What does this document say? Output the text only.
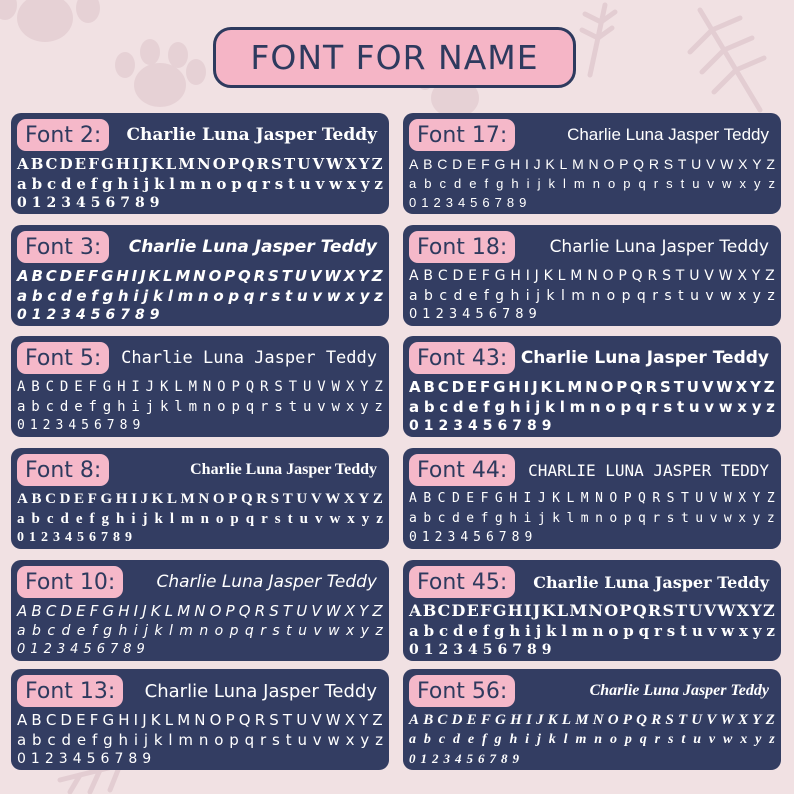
FONT FOR NAME
Font 2:	Charlie Luna Jasper Teddy
A B C D E F G H I J K L M N O P Q R S T U V W X Y Z
a b c d e f g h i j k l m n o p q r s t u v w x y z
0 1 2 3 4 5 6 7 8 9
Font 17:	Charlie Luna Jasper Teddy
A B C D E F G H I J K L M N O P Q R S T U V W X Y Z
a b c d e f g h i j k l m n o p q r s t u v w x y z
0 1 2 3 4 5 6 7 8 9
Font 3:	Charlie Luna Jasper Teddy
A B C D E F G H I J K L M N O P Q R S T U V W X Y Z
a b c d e f g h i j k l m n o p q r s t u v w x y z
0 1 2 3 4 5 6 7 8 9
Font 18:	Charlie Luna Jasper Teddy
A B C D E F G H I J K L M N O P Q R S T U V W X Y Z
a b c d e f g h i j k l m n o p q r s t u v w x y z
0 1 2 3 4 5 6 7 8 9
Font 5:	Charlie Luna Jasper Teddy
A B C D E F G H I J K L M N O P Q R S T U V W X Y Z
a b c d e f g h i j k l m n o p q r s t u v w x y z
0 1 2 3 4 5 6 7 8 9
Font 43: Charlie Luna Jasper Teddy
A B C D E F G H I J K L M N O P Q R S T U V W X Y Z
a b c d e f g h i j k l m n o p q r s t u v w x y z
0 1 2 3 4 5 6 7 8 9
Font 8:	Charlie Luna Jasper Teddy
A B C D E F G H I J K L M N O P Q R S T U V W X Y Z
a b c d e f g h i j k l m n o p q r s t u v w x y z
0 1 2 3 4 5 6 7 8 9
Font 44:	CHARLIE LUNA JASPER TEDDY
A B C D E F G H I J K L M N O P Q R S T U V W X Y Z
a b c d e f g h i j k l m n o p q r s t u v w x y z
0 1 2 3 4 5 6 7 8 9
Font 10:	Charlie Luna Jasper Teddy
A B C D E F G H I J K L M N O P Q R S T U V W X Y Z
a b c d e f g h i j k l m n o p q r s t u v w x y z
0 1 2 3 4 5 6 7 8 9
Font 45:	Charlie Luna Jasper Teddy
A B C D E F G H I J K L M N O P Q R S T U V W X Y Z
a b c d e f g h i j k l m n o p q r s t u v w x y z
0 1 2 3 4 5 6 7 8 9
Font 13:	Charlie Luna Jasper Teddy
A B C D E F G H I J K L M N O P Q R S T U V W X Y Z
a b c d e f g h i j k l m n o p q r s t u v w x y z
0 1 2 3 4 5 6 7 8 9
Font 56:	Charlie Luna Jasper Teddy
A B C D E F G H I J K L M N O P Q R S T U V W X Y Z
a b c d e f g h i j k l m n o p q r s t u v w x y z
0 1 2 3 4 5 6 7 8 9
